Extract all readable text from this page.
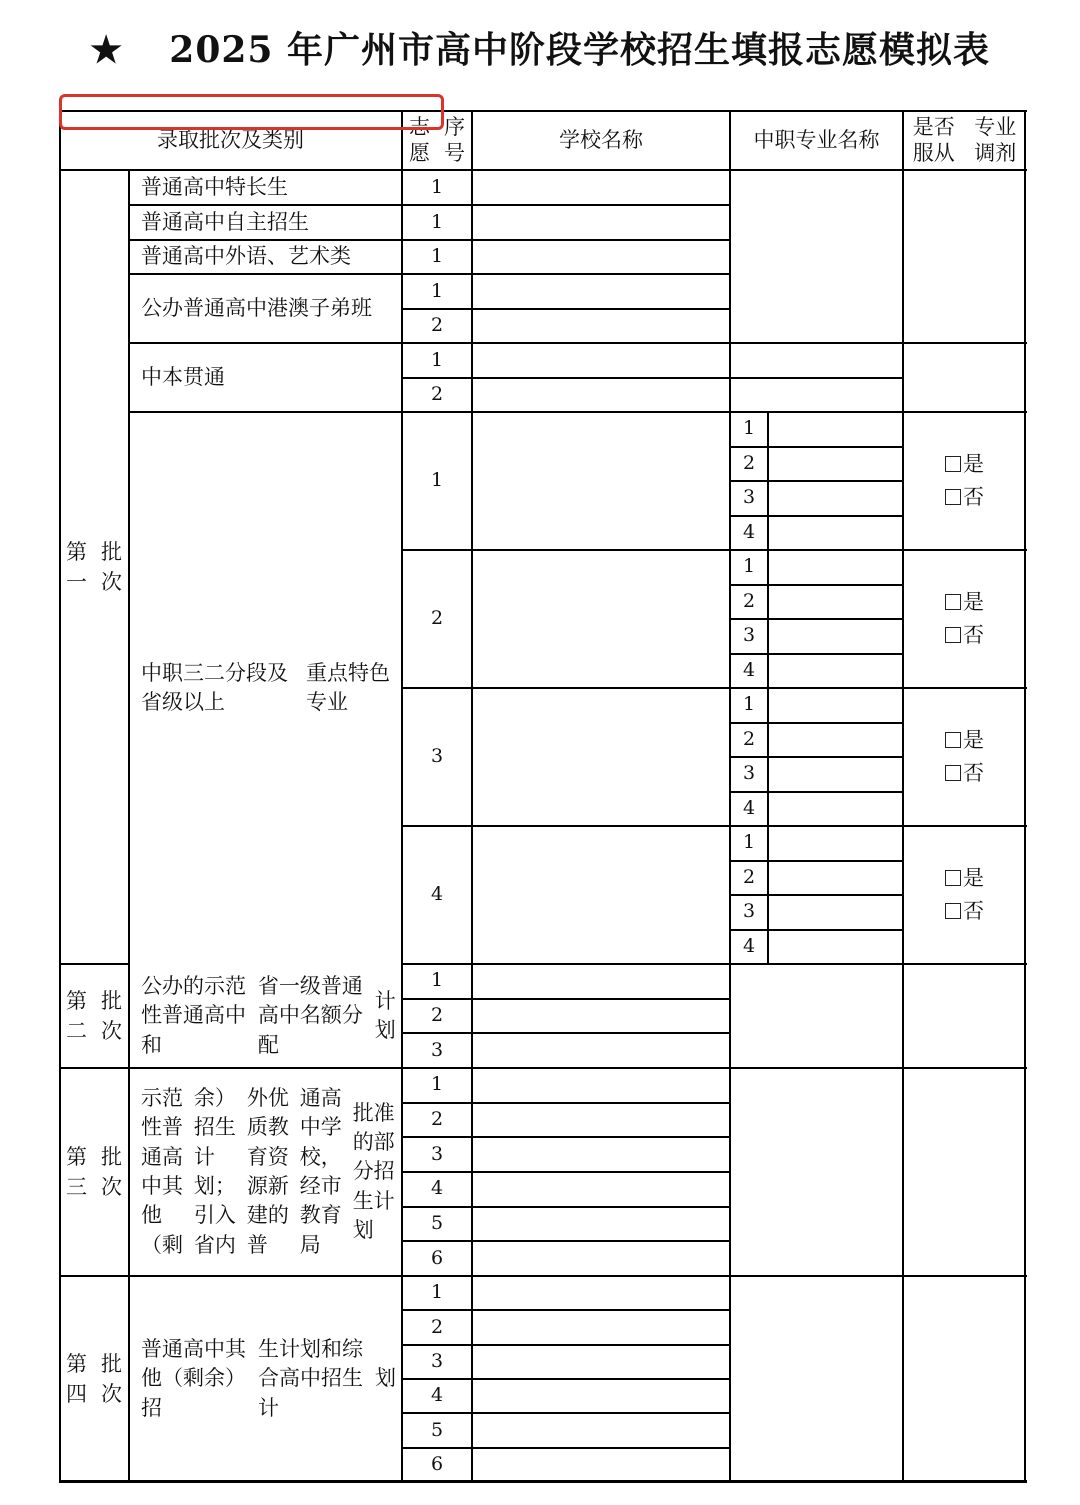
★ 2025 年广州市高中阶段学校招生填报志愿模拟表
录取批次及类别
志愿

序号
学校名称	中职专业名称
是否服从

专业调剂
第一

批次
第二

批次
第三

批次
第四

批次
普通高中特长生
普通高中自主招生
普通高中外语、艺术类
公办普通高中港澳子弟班
中本贯通
1
1
1
1
2
1
2
中职三二分段及省级以上

重点特色专业
1
1
2
3
4
是
否
2
1
2
3
4
是
否
3
1
2
3
4
是
否
4
1
2
3
4
是
否
公办的示范性普通高中和

省一级普通高中名额分配

计划
1
2
3
示范性普通高中其他（剩

余）招生计划；引入省内

外优质教育资源新建的普

通高中学校，经市教育局

批准的部分招生计划
1
2
3
4
5
6
普通高中其他（剩余）招

生计划和综合高中招生计

划
1
2
3
4
5
6
